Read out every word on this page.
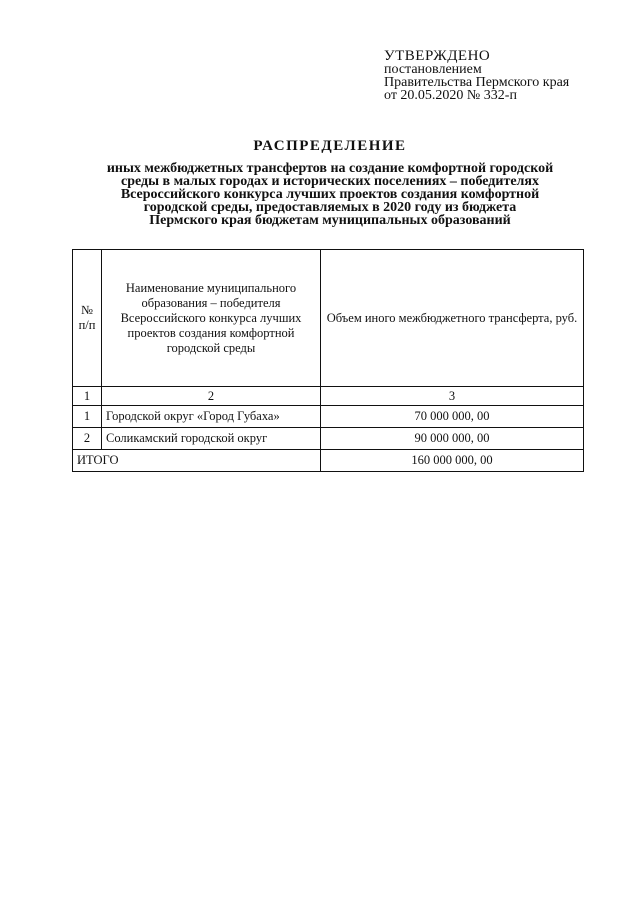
УТВЕРЖДЕНО
постановлением
Правительства Пермского края
от 20.05.2020 № 332-п
РАСПРЕДЕЛЕНИЕ
иных межбюджетных трансфертов на создание комфортной городской
среды в малых городах и исторических поселениях – победителях
Всероссийского конкурса лучших проектов создания комфортной
городской среды, предоставляемых в 2020 году из бюджета
Пермского края бюджетам муниципальных образований
№ п/п	Наименование муниципального образования – победителя Всероссийского конкурса лучших проектов создания комфортной городской среды	Объем иного межбюджетного трансферта, руб.
1	2	3
1	Городской округ «Город Губаха»	70 000 000, 00
2	Соликамский городской округ	90 000 000, 00
ИТОГО		160 000 000, 00
